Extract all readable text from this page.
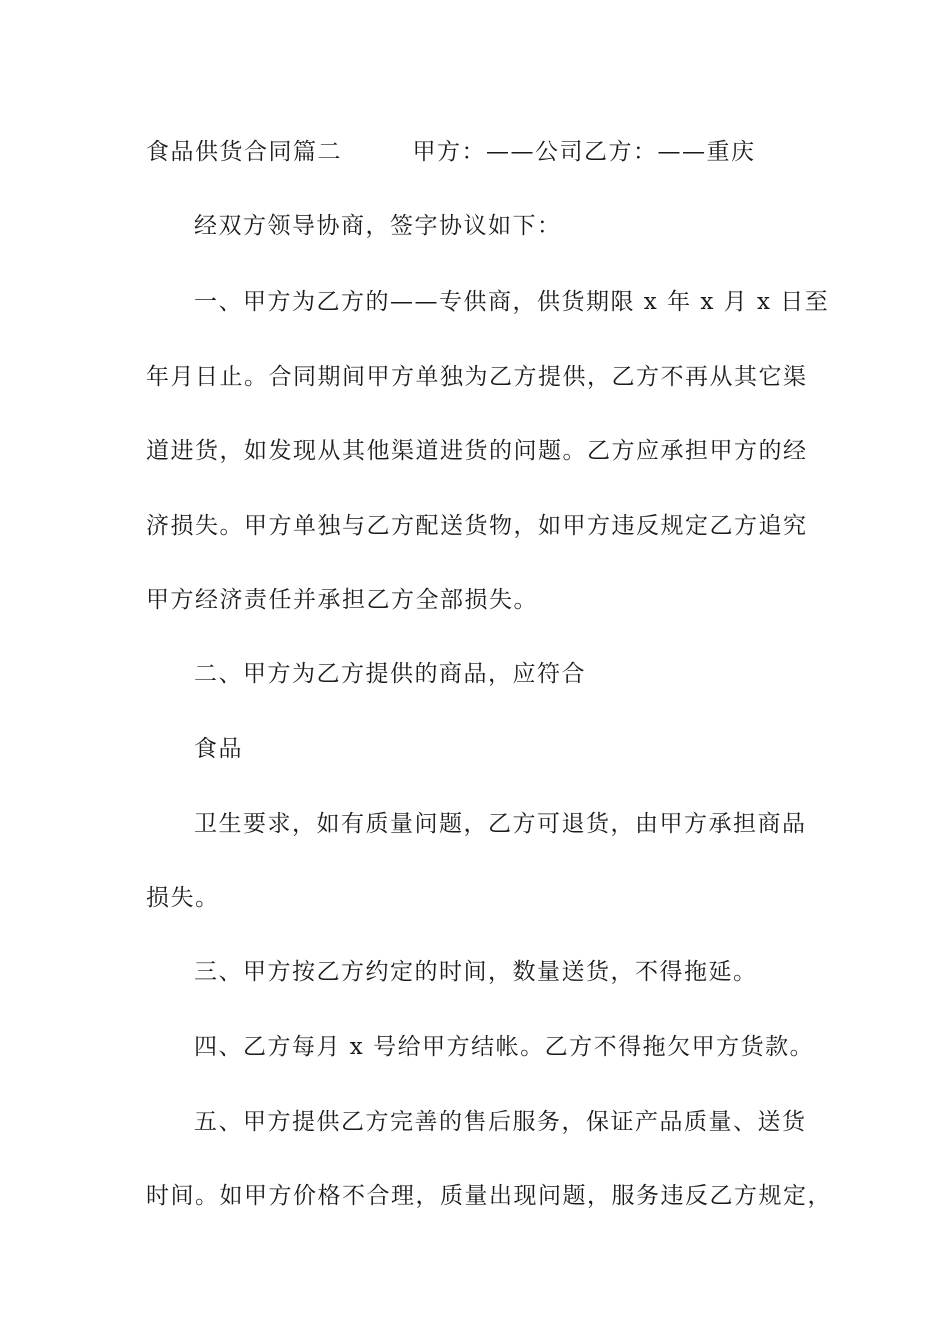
食品供货合同篇二	甲方：——公司乙方：——重庆
经双方领导协商，签字协议如下：
一、甲方为乙方的——专供商，供货期限 x 年 x 月 x 日至
年月日止。合同期间甲方单独为乙方提供，乙方不再从其它渠
道进货，如发现从其他渠道进货的问题。乙方应承担甲方的经
济损失。甲方单独与乙方配送货物，如甲方违反规定乙方追究
甲方经济责任并承担乙方全部损失。
二、甲方为乙方提供的商品，应符合
食品
卫生要求，如有质量问题，乙方可退货，由甲方承担商品
损失。
三、甲方按乙方约定的时间，数量送货，不得拖延。
四、乙方每月 x 号给甲方结帐。乙方不得拖欠甲方货款。
五、甲方提供乙方完善的售后服务，保证产品质量、送货
时间。如甲方价格不合理，质量出现问题，服务违反乙方规定，
